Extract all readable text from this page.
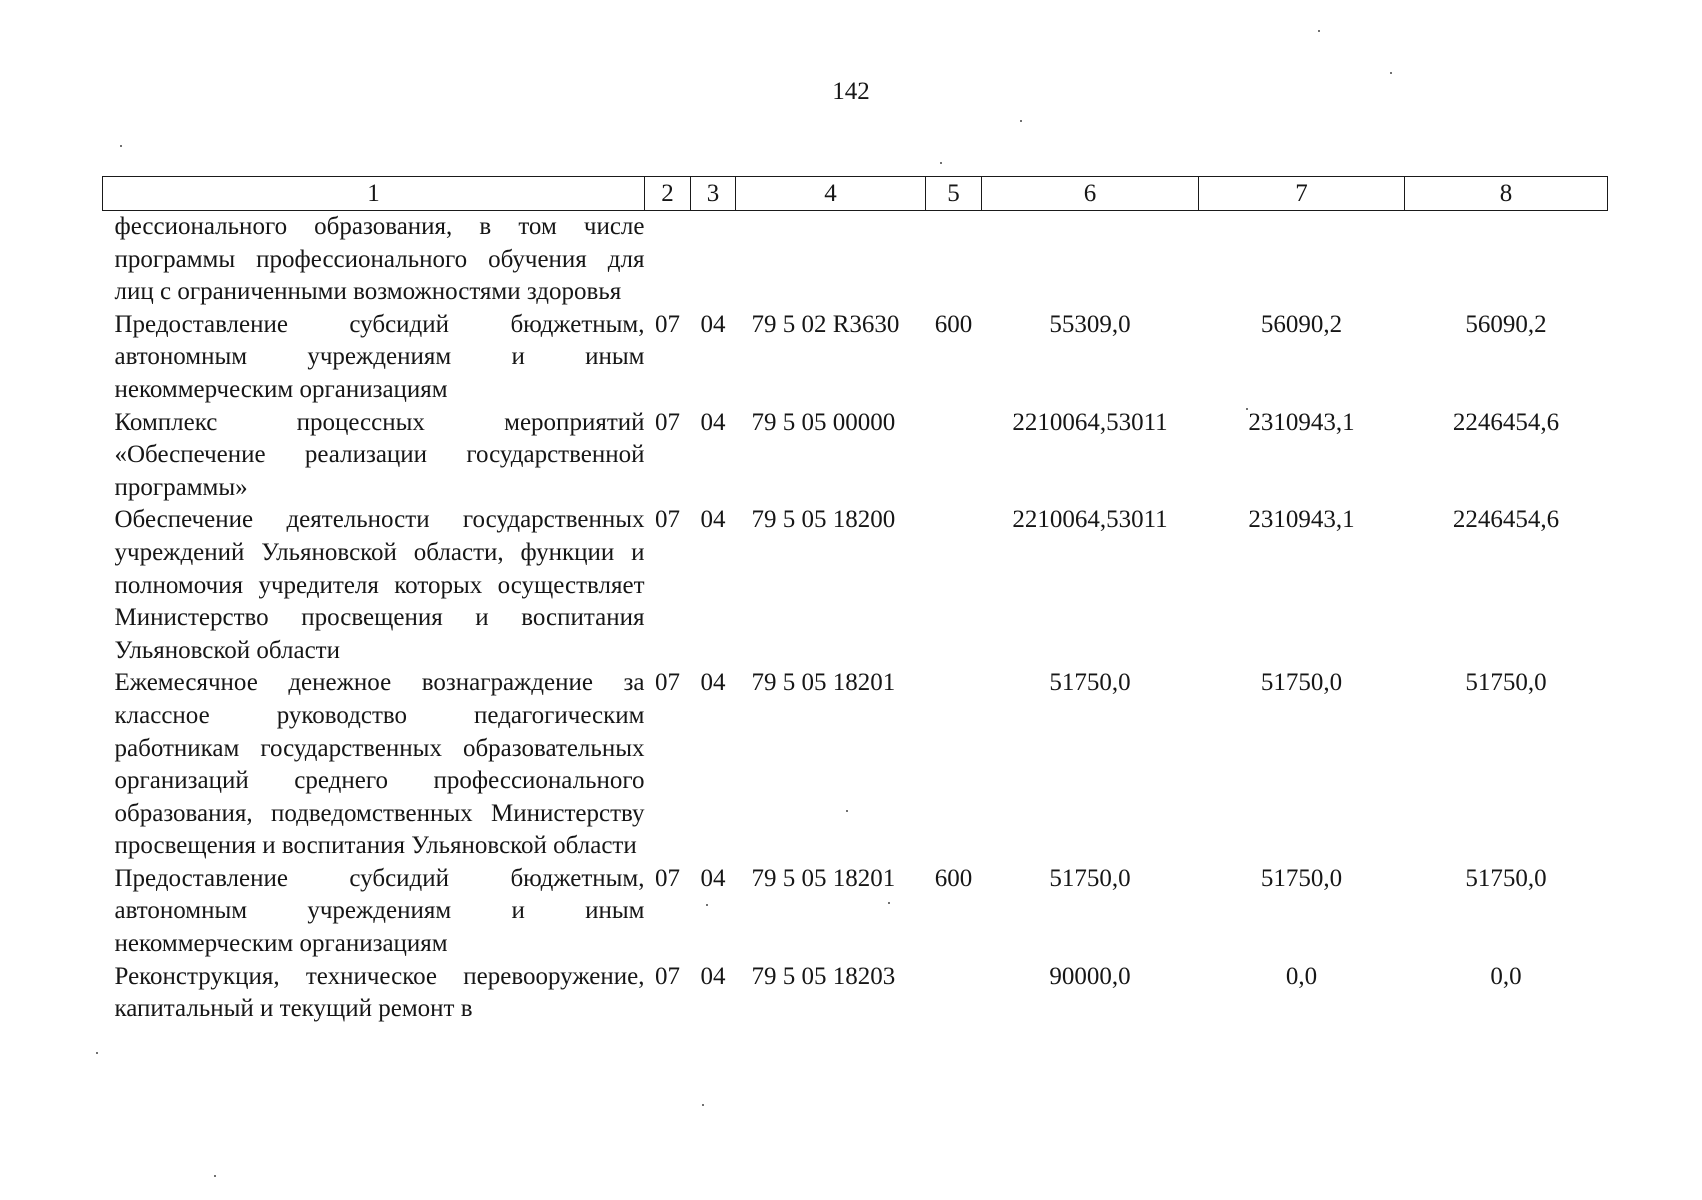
142
1	2	3	4	5	6	7	8
фессионального образования, в том числе программы профессионального обучения для лиц с ограниченными возможностями здоровья							
Предоставление субсидий бюджетным, автономным учреждениям и иным некоммерческим организациям	07	04	79 5 02 R3630	600	55309,0	56090,2	56090,2
Комплекс процессных мероприятий «Обеспечение реализации государственной программы»	07	04	79 5 05 00000		2210064,53011	2310943,1	2246454,6
Обеспечение деятельности государственных учреждений Ульяновской области, функции и полномочия учредителя которых осуществляет Министерство просвещения и воспитания Ульяновской области	07	04	79 5 05 18200		2210064,53011	2310943,1	2246454,6
Ежемесячное денежное вознаграждение за классное руководство педагогическим работникам государственных образовательных организаций среднего профессионального образования, подведомственных Министерству просвещения и воспитания Ульяновской области	07	04	79 5 05 18201		51750,0	51750,0	51750,0
Предоставление субсидий бюджетным, автономным учреждениям и иным некоммерческим организациям	07	04	79 5 05 18201	600	51750,0	51750,0	51750,0
Реконструкция, техническое перевооружение, капитальный и текущий ремонт в	07	04	79 5 05 18203		90000,0	0,0	0,0
